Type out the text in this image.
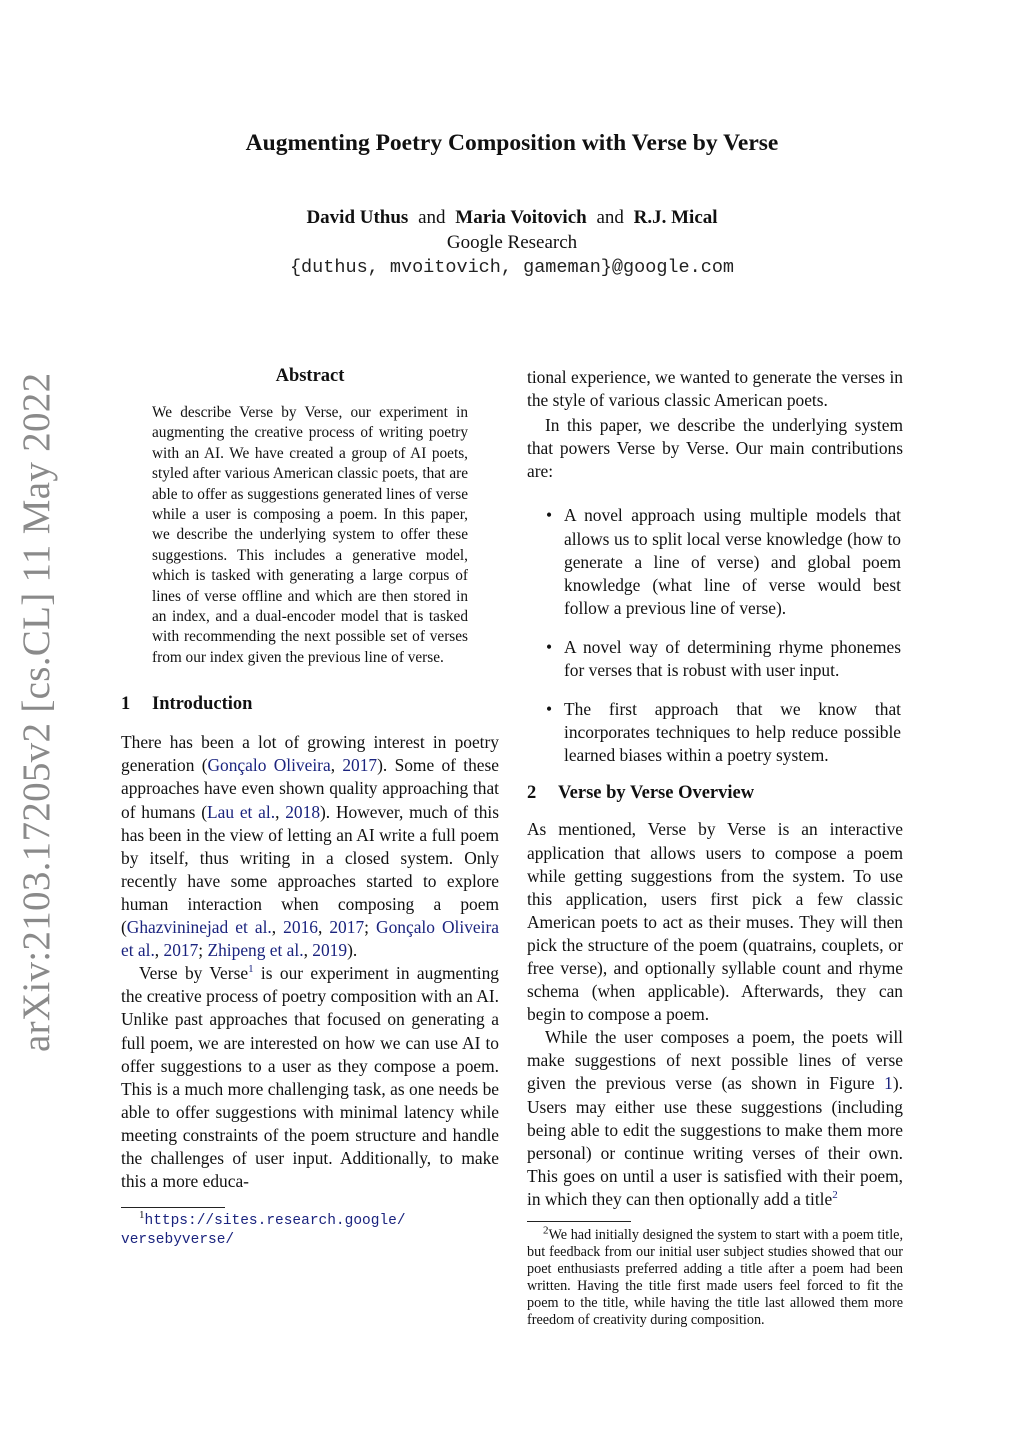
arXiv:2103.17205v2 [cs.CL] 11 May 2022
Augmenting Poetry Composition with Verse by Verse
David Uthus and Maria Voitovich and R.J. Mical
Google Research
{duthus, mvoitovich, gameman}@google.com

Abstract

We describe Verse by Verse, our experiment in augmenting the creative process of writing poetry with an AI. We have created a group of AI poets, styled after various American classic poets, that are able to offer as suggestions generated lines of verse while a user is composing a poem. In this paper, we describe the underlying system to offer these suggestions. This includes a generative model, which is tasked with generating a large corpus of lines of verse offline and which are then stored in an index, and a dual-encoder model that is tasked with recommending the next possible set of verses from our index given the previous line of verse.

1 Introduction

There has been a lot of growing interest in poetry generation (Gonçalo Oliveira, 2017). Some of these approaches have even shown quality approaching that of humans (Lau et al., 2018). However, much of this has been in the view of letting an AI write a full poem by itself, thus writing in a closed system. Only recently have some approaches started to explore human interaction when composing a poem (Ghazvininejad et al., 2016, 2017; Gonçalo Oliveira et al., 2017; Zhipeng et al., 2019).

Verse by Verse$^1$ is our experiment in augmenting the creative process of poetry composition with an AI. Unlike past approaches that focused on generating a full poem, we are interested on how we can use AI to offer suggestions to a user as they compose a poem. This is a much more challenging task, as one needs be able to offer suggestions with minimal latency while meeting constraints of the poem structure and handle the challenges of user input. Additionally, to make this a more educa-

$^1$https://sites.research.google/

versebyverse/

tional experience, we wanted to generate the verses in the style of various classic American poets.

In this paper, we describe the underlying system that powers Verse by Verse. Our main contributions are:

• A novel approach using multiple models that allows us to split local verse knowledge (how to generate a line of verse) and global poem knowledge (what line of verse would best follow a previous line of verse).
• A novel way of determining rhyme phonemes for verses that is robust with user input.
• The first approach that we know that incorporates techniques to help reduce possible learned biases within a poetry system.

2 Verse by Verse Overview

As mentioned, Verse by Verse is an interactive application that allows users to compose a poem while getting suggestions from the system. To use this application, users first pick a few classic American poets to act as their muses. They will then pick the structure of the poem (quatrains, couplets, or free verse), and optionally syllable count and rhyme schema (when applicable). Afterwards, they can begin to compose a poem.

While the user composes a poem, the poets will make suggestions of next possible lines of verse given the previous verse (as shown in Figure 1). Users may either use these suggestions (including being able to edit the suggestions to make them more personal) or continue writing verses of their own. This goes on until a user is satisfied with their poem, in which they can then optionally add a title$^2$

$^2$We had initially designed the system to start with a poem title, but feedback from our initial user subject studies showed that our poet enthusiasts preferred adding a title after a poem had been written. Having the title first made users feel forced to fit the poem to the title, while having the title last allowed them more freedom of creativity during composition.
